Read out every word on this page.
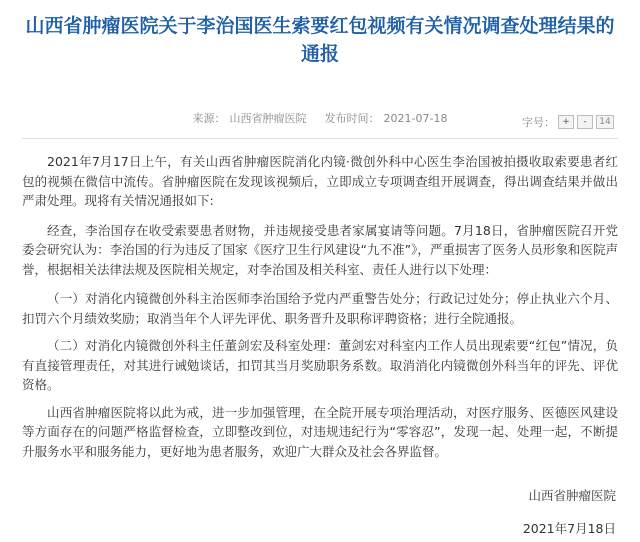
山西省肿瘤医院关于李治国医生索要红包视频有关情况调查处理结果的通报
来源： 山西省肿瘤医院 发布时间： 2021-07-18	字号： +	-	14

2021年7月17日上午，有关山西省肿瘤医院消化内镜·微创外科中心医生李治国被拍摄收取索要患者红包的视频在微信中流传。省肿瘤医院在发现该视频后，立即成立专项调查组开展调查，得出调查结果并做出严肃处理。现将有关情况通报如下:

经查，李治国存在收受索要患者财物，并违规接受患者家属宴请等问题。7月18日，省肿瘤医院召开党委会研究认为：李治国的行为违反了国家《医疗卫生行风建设“九不准”》，严重损害了医务人员形象和医院声誉，根据相关法律法规及医院相关规定，对李治国及相关科室、责任人进行以下处理：

（一）对消化内镜微创外科主治医师李治国给予党内严重警告处分；行政记过处分；停止执业六个月、扣罚六个月绩效奖励；取消当年个人评先评优、职务晋升及职称评聘资格；进行全院通报。

（二）对消化内镜微创外科主任董剑宏及科室处理：董剑宏对科室内工作人员出现索要“红包”情况，负有直接管理责任，对其进行诫勉谈话，扣罚其当月奖励职务系数。取消消化内镜微创外科当年的评先、评优资格。

山西省肿瘤医院将以此为戒，进一步加强管理，在全院开展专项治理活动，对医疗服务、医德医风建设等方面存在的问题严格监督检查，立即整改到位，对违规违纪行为“零容忍”，发现一起、处理一起，不断提升服务水平和服务能力，更好地为患者服务，欢迎广大群众及社会各界监督。

山西省肿瘤医院
2021年7月18日
